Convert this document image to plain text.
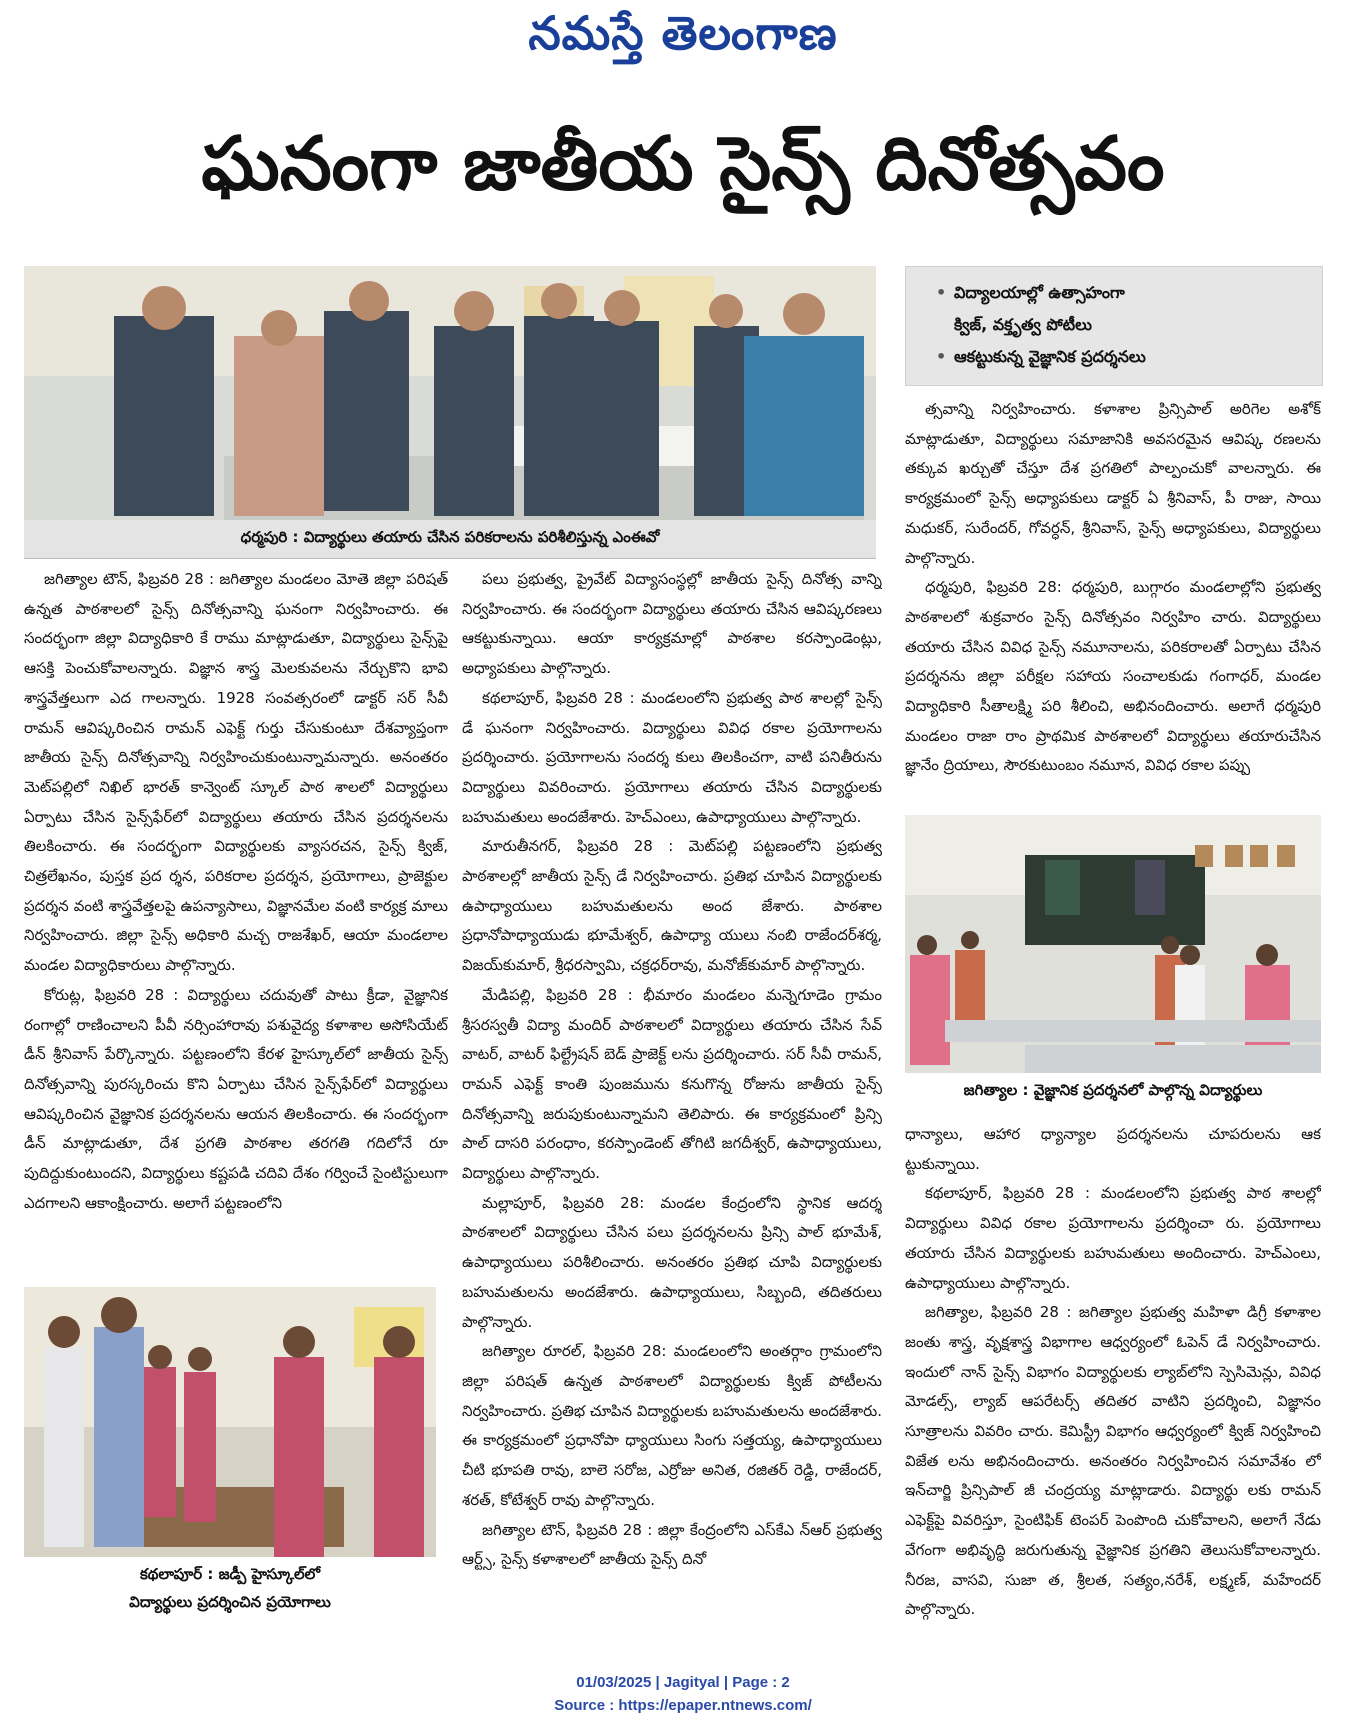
నమస్తే తెలంగాణ
ఘనంగా జాతీయ సైన్స్ దినోత్సవం
ధర్మపురి : విద్యార్థులు తయారు చేసిన పరికరాలను పరిశీలిస్తున్న ఎంఈవో
• విద్యాలయాల్లో ఉత్సాహంగా
క్విజ్, వక్తృత్వ పోటీలు
• ఆకట్టుకున్న వైజ్ఞానిక ప్రదర్శనలు

జగిత్యాల టౌన్, ఫిబ్రవరి 28 : జగిత్యాల మండలం మోతె జిల్లా పరిషత్ ఉన్నత పాఠశాలలో సైన్స్ దినోత్సవాన్ని ఘనంగా నిర్వహించారు. ఈ సందర్భంగా జిల్లా విద్యాధికారి కే రాము మాట్లాడుతూ, విద్యార్థులు సైన్స్‌పై ఆసక్తి పెంచుకోవాలన్నారు. విజ్ఞాన శాస్త్ర మెలకువలను నేర్చుకొని భావి శాస్త్రవేత్తలుగా ఎద గాలన్నారు. 1928 సంవత్సరంలో డాక్టర్ సర్ సీవీ రామన్ ఆవిష్కరించిన రామన్ ఎఫెక్ట్ గుర్తు చేసుకుంటూ దేశవ్యాప్తంగా జాతీయ సైన్స్ దినోత్సవాన్ని నిర్వహించుకుంటున్నామన్నారు. అనంతరం మెట్‌పల్లిలో నిఖిల్ భారత్ కాన్వెంట్ స్కూల్ పాఠ శాలలో విద్యార్థులు ఏర్పాటు చేసిన సైన్స్‌ఫేర్‌లో విద్యార్థులు తయారు చేసిన ప్రదర్శనలను తిలకించారు. ఈ సందర్భంగా విద్యార్థులకు వ్యాసరచన, సైన్స్ క్విజ్, చిత్రలేఖనం, పుస్తక ప్రద ర్శన, పరికరాల ప్రదర్శన, ప్రయోగాలు, ప్రాజెక్టుల ప్రదర్శన వంటి శాస్త్రవేత్తలపై ఉపన్యాసాలు, విజ్ఞానమేల వంటి కార్యక్ర మాలు నిర్వహించారు. జిల్లా సైన్స్ అధికారి మచ్చ రాజశేఖర్, ఆయా మండలాల మండల విద్యాధికారులు పాల్గొన్నారు.

కోరుట్ల, ఫిబ్రవరి 28 : విద్యార్థులు చదువుతో పాటు క్రీడా, వైజ్ఞానిక రంగాల్లో రాణించాలని పీవీ నర్సింహారావు పశువైద్య కళాశాల అసోసియేట్ డీన్ శ్రీనివాస్ పేర్కొన్నారు. పట్టణంలోని కేరళ హైస్కూల్‌లో జాతీయ సైన్స్ దినోత్సవాన్ని పురస్కరించు కొని ఏర్పాటు చేసిన సైన్స్‌ఫేర్‌లో విద్యార్థులు ఆవిష్కరించిన వైజ్ఞానిక ప్రదర్శనలను ఆయన తిలకించారు. ఈ సందర్భంగా డీన్ మాట్లాడుతూ, దేశ ప్రగతి పాఠశాల తరగతి గదిలోనే రూ పుదిద్దుకుంటుందని, విద్యార్థులు కష్టపడి చదివి దేశం గర్వించే సైంటిస్టులుగా ఎదగాలని ఆకాంక్షించారు. అలాగే పట్టణంలోని

కథలాపూర్ : జడ్పీ హైస్కూల్‌లో
విద్యార్థులు ప్రదర్శించిన ప్రయోగాలు

పలు ప్రభుత్వ, ప్రైవేట్ విద్యాసంస్థల్లో జాతీయ సైన్స్ దినోత్స వాన్ని నిర్వహించారు. ఈ సందర్భంగా విద్యార్థులు తయారు చేసిన ఆవిష్కరణలు ఆకట్టుకున్నాయి. ఆయా కార్యక్రమాల్లో పాఠశాల కరస్పాండెంట్లు, అధ్యాపకులు పాల్గొన్నారు.

కథలాపూర్, ఫిబ్రవరి 28 : మండలంలోని ప్రభుత్వ పాఠ శాలల్లో సైన్స్ డే ఘనంగా నిర్వహించారు. విద్యార్థులు వివిధ రకాల ప్రయోగాలను ప్రదర్శించారు. ప్రయోగాలను సందర్శ కులు తిలకించగా, వాటి పనితీరును విద్యార్థులు వివరించారు. ప్రయోగాలు తయారు చేసిన విద్యార్థులకు బహుమతులు అందజేశారు. హెచ్ఎంలు, ఉపాధ్యాయులు పాల్గొన్నారు.

మారుతీనగర్, ఫిబ్రవరి 28 : మెట్‌పల్లి పట్టణంలోని ప్రభుత్వ పాఠశాలల్లో జాతీయ సైన్స్ డే నిర్వహించారు. ప్రతిభ చూపిన విద్యార్థులకు ఉపాధ్యాయులు బహుమతులను అంద జేశారు. పాఠశాల ప్రధానోపాధ్యాయుడు భూమేశ్వర్, ఉపాధ్యా యులు నంబి రాజేందర్‌శర్మ, విజయ్‌కుమార్, శ్రీధరస్వామి, చక్రధర్‌రావు, మనోజ్‌కుమార్ పాల్గొన్నారు.

మేడిపల్లి, ఫిబ్రవరి 28 : భీమారం మండలం మన్నెగూడెం గ్రామం శ్రీసరస్వతీ విద్యా మందిర్ పాఠశాలలో విద్యార్థులు తయారు చేసిన సేవ్ వాటర్, వాటర్ ఫిల్ట్రేషన్ బెడ్ ప్రాజెక్ట్ లను ప్రదర్శించారు. సర్ సీవీ రామన్, రామన్ ఎఫెక్ట్ కాంతి పుంజమును కనుగొన్న రోజును జాతీయ సైన్స్ దినోత్సవాన్ని జరుపుకుంటున్నామని తెలిపారు. ఈ కార్యక్రమంలో ప్రిన్సి పాల్ దాసరి పరంధాం, కరస్పాండెంట్ తోగిటి జగదీశ్వర్, ఉపాధ్యాయులు, విద్యార్థులు పాల్గొన్నారు.

మల్లాపూర్, ఫిబ్రవరి 28: మండల కేంద్రంలోని స్థానిక ఆదర్శ పాఠశాలలో విద్యార్థులు చేసిన పలు ప్రదర్శనలను ప్రిన్సి పాల్ భూమేశ్, ఉపాధ్యాయులు పరిశీలించారు. అనంతరం ప్రతిభ చూపి విద్యార్థులకు బహుమతులను అందజేశారు. ఉపాధ్యాయులు, సిబ్బంది, తదితరులు పాల్గొన్నారు.

జగిత్యాల రూరల్, ఫిబ్రవరి 28: మండలంలోని అంతర్గాం గ్రామంలోని జిల్లా పరిషత్ ఉన్నత పాఠశాలలో విద్యార్థులకు క్విజ్ పోటీలను నిర్వహించారు. ప్రతిభ చూపిన విద్యార్థులకు బహుమతులను అందజేశారు. ఈ కార్యక్రమంలో ప్రధానోపా ధ్యాయులు సింగు సత్తయ్య, ఉపాధ్యాయులు చీటి భూపతి రావు, బాలె సరోజ, ఎర్రోజు అనిత, రజితర్ రెడ్డి, రాజేందర్, శరత్, కోటేశ్వర్ రావు పాల్గొన్నారు.

జగిత్యాల టౌన్, ఫిబ్రవరి 28 : జిల్లా కేంద్రంలోని ఎస్‌కేఎ న్‌ఆర్ ప్రభుత్వ ఆర్ట్స్, సైన్స్ కళాశాలలో జాతీయ సైన్స్ దినో

త్సవాన్ని నిర్వహించారు. కళాశాల ప్రిన్సిపాల్ అరిగెల అశోక్ మాట్లాడుతూ, విద్యార్థులు సమాజానికి అవసరమైన ఆవిష్క రణలను తక్కువ ఖర్చుతో చేస్తూ దేశ ప్రగతిలో పాల్పంచుకో వాలన్నారు. ఈ కార్యక్రమంలో సైన్స్ అధ్యాపకులు డాక్టర్ ఏ శ్రీనివాస్, పీ రాజు, సాయి మధుకర్, సురేందర్, గోవర్ధన్, శ్రీనివాస్, సైన్స్ అధ్యాపకులు, విద్యార్థులు పాల్గొన్నారు.

ధర్మపురి, ఫిబ్రవరి 28: ధర్మపురి, బుగ్గారం మండలాల్లోని ప్రభుత్వ పాఠశాలలో శుక్రవారం సైన్స్ దినోత్సవం నిర్వహిం చారు. విద్యార్థులు తయారు చేసిన వివిధ సైన్స్ నమూనాలను, పరికరాలతో ఏర్పాటు చేసిన ప్రదర్శనను జిల్లా పరీక్షల సహాయ సంచాలకుడు గంగాధర్, మండల విద్యాధికారి సీతాలక్ష్మి పరి శీలించి, అభినందించారు. అలాగే ధర్మపురి మండలం రాజా రాం ప్రాథమిక పాఠశాలలో విద్యార్థులు తయారుచేసిన జ్ఞానేం ద్రియాలు, సౌరకుటుంబం నమూన, వివిధ రకాల పప్పు

జగిత్యాల : వైజ్ఞానిక ప్రదర్శనలో పాల్గొన్న విద్యార్థులు

ధాన్యాలు, ఆహార ధ్యాన్యాల ప్రదర్శనలను చూపరులను ఆక ట్టుకున్నాయి.

కథలాపూర్, ఫిబ్రవరి 28 : మండలంలోని ప్రభుత్వ పాఠ శాలల్లో విద్యార్థులు వివిధ రకాల ప్రయోగాలను ప్రదర్శించా రు. ప్రయోగాలు తయారు చేసిన విద్యార్థులకు బహుమతులు అందించారు. హెచ్ఎంలు, ఉపాధ్యాయులు పాల్గొన్నారు.

జగిత్యాల, ఫిబ్రవరి 28 : జగిత్యాల ప్రభుత్వ మహిళా డిగ్రీ కళాశాల జంతు శాస్త్ర, వృక్షశాస్త్ర విభాగాల ఆధ్వర్యంలో ఓపెన్ డే నిర్వహించారు. ఇందులో నాన్ సైన్స్ విభాగం విద్యార్థులకు ల్యాబ్‌లోని స్పెసిమెన్లు, వివిధ మోడల్స్, ల్యాబ్ ఆపరేటర్స్ తదితర వాటిని ప్రదర్శించి, విజ్ఞానం సూత్రాలను వివరిం చారు. కెమిస్ట్రీ విభాగం ఆధ్వర్యంలో క్విజ్ నిర్వహించి విజేత లను అభినందించారు. అనంతరం నిర్వహించిన సమావేశం లో ఇన్‌చార్జి ప్రిన్సిపాల్ జీ చంద్రయ్య మాట్లాడారు. విద్యార్థు లకు రామన్ ఎఫెక్ట్‌పై వివరిస్తూ, సైంటిఫిక్ టెంపర్ పెంపొంది చుకోవాలని, అలాగే నేడు వేగంగా అభివృద్ధి జరుగుతున్న వైజ్ఞానిక ప్రగతిని తెలుసుకోవాలన్నారు. నీరజ, వాసవి, సుజా త, శ్రీలత, సత్యం,నరేశ్, లక్ష్మణ్, మహేందర్ పాల్గొన్నారు.

01/03/2025 | Jagityal | Page : 2
Source : https://epaper.ntnews.com/
